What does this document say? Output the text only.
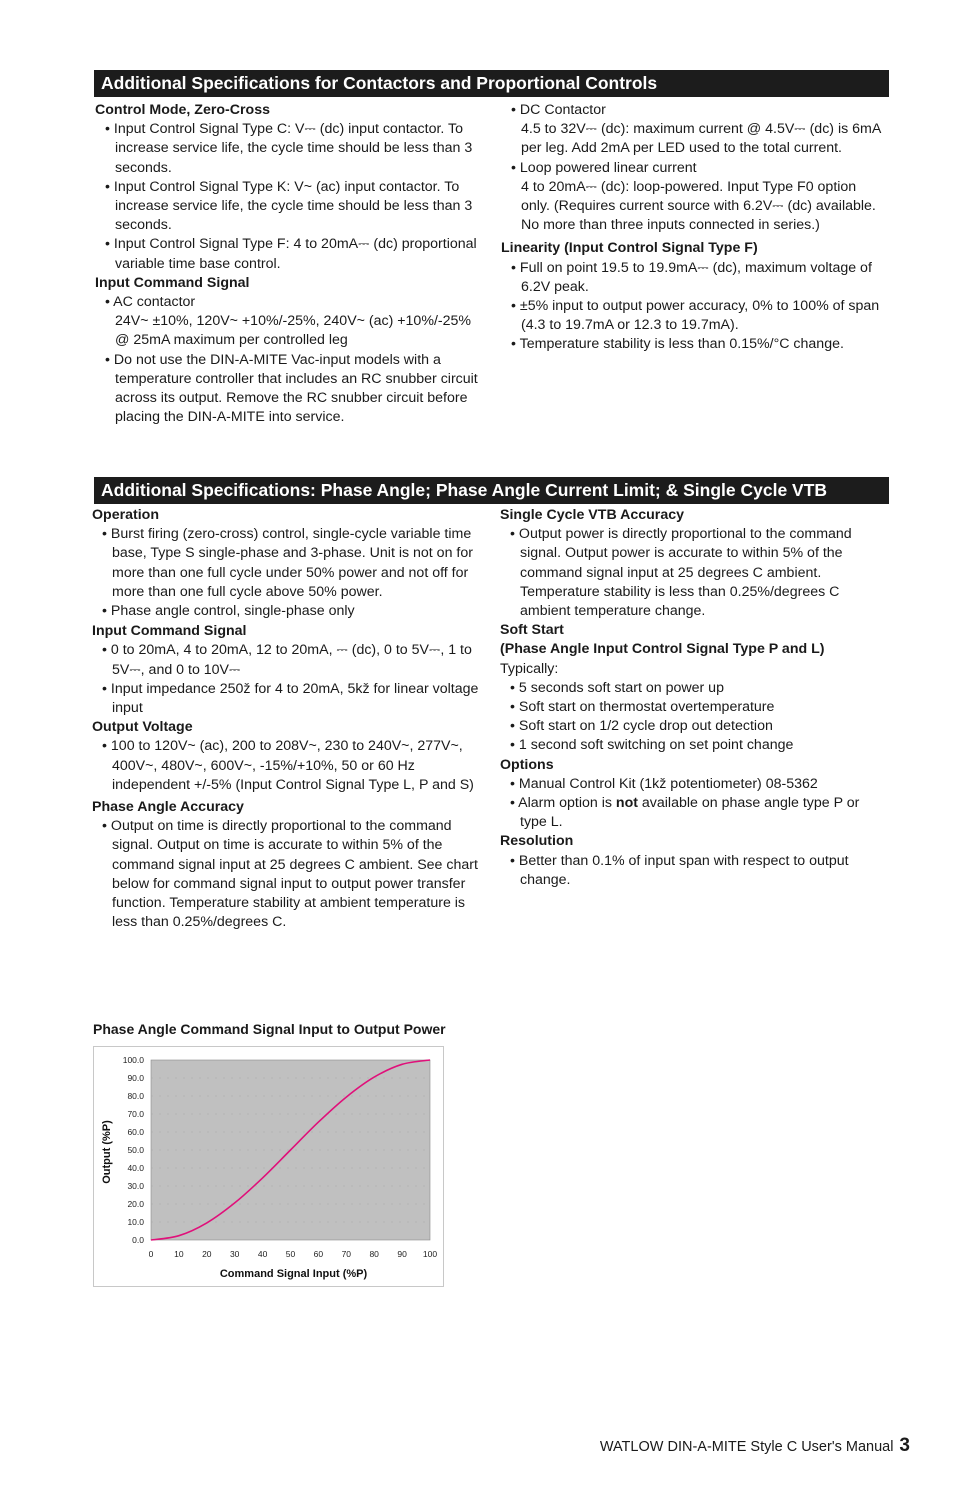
Additional Specifications for Contactors and Proportional Controls
Control Mode, Zero-Cross
• Input Control Signal Type C: V⎓ (dc) input contactor. To increase service life, the cycle time should be less than 3 seconds.
• Input Control Signal Type K: V~ (ac) input contactor. To increase service life, the cycle time should be less than 3 seconds.
• Input Control Signal Type F: 4 to 20mA⎓ (dc) proportional variable time base control.
Input Command Signal
• AC contactor
24V~ ±10%, 120V~ +10%/-25%, 240V~ (ac) +10%/-25% @ 25mA maximum per controlled leg
• Do not use the DIN-A-MITE Vac-input models with a temperature controller that includes an RC snubber circuit across its output. Remove the RC snubber circuit before placing the DIN-A-MITE into service.
• DC Contactor
4.5 to 32V⎓ (dc): maximum current @ 4.5V⎓ (dc) is 6mA per leg. Add 2mA per LED used to the total current.
• Loop powered linear current
4 to 20mA⎓ (dc): loop-powered. Input Type F0 option only. (Requires current source with 6.2V⎓ (dc) available. No more than three inputs connected in series.)
Linearity (Input Control Signal Type F)
• Full on point 19.5 to 19.9mA⎓ (dc), maximum voltage of 6.2V peak.
• ±5% input to output power accuracy, 0% to 100% of span (4.3 to 19.7mA or 12.3 to 19.7mA).
• Temperature stability is less than 0.15%/°C change.
Additional Specifications: Phase Angle; Phase Angle Current Limit; & Single Cycle VTB
Operation
• Burst firing (zero-cross) control, single-cycle variable time base, Type S single-phase and 3-phase. Unit is not on for more than one full cycle under 50% power and not off for more than one full cycle above 50% power.
• Phase angle control, single-phase only
Input Command Signal
• 0 to 20mA, 4 to 20mA, 12 to 20mA, ⎓ (dc), 0 to 5V⎓, 1 to 5V⎓, and 0 to 10V⎓
• Input impedance 250ž for 4 to 20mA, 5kž for linear voltage input
Output Voltage
• 100 to 120V~ (ac), 200 to 208V~, 230 to 240V~, 277V~, 400V~, 480V~, 600V~, -15%/+10%, 50 or 60 Hz independent +/-5% (Input Control Signal Type L, P and S)
Phase Angle Accuracy
• Output on time is directly proportional to the command signal. Output on time is accurate to within 5% of the command signal input at 25 degrees C ambient. See chart below for command signal input to output power transfer function. Temperature stability at ambient temperature is less than 0.25%/degrees C.
Single Cycle VTB Accuracy
• Output power is directly proportional to the command signal. Output power is accurate to within 5% of the command signal input at 25 degrees C ambient. Temperature stability is less than 0.25%/degrees C ambient temperature change.
Soft Start
(Phase Angle Input Control Signal Type P and L)
Typically:
• 5 seconds soft start on power up
• Soft start on thermostat overtemperature
• Soft start on 1/2 cycle drop out detection
• 1 second soft switching on set point change
Options
• Manual Control Kit (1kž potentiometer) 08-5362
• Alarm option is not available on phase angle type P or type L.
Resolution
• Better than 0.1% of input span with respect to output change.
Phase Angle Command Signal Input to Output Power
0.0
10.0
20.0
30.0
40.0
50.0
60.0
70.0
80.0
90.0
100.0
0 10 20 30 40 50 60 70 80 90 100
Command Signal Input (%P)
Output (%P)
WATLOW DIN-A-MITE Style C User's Manual 3
